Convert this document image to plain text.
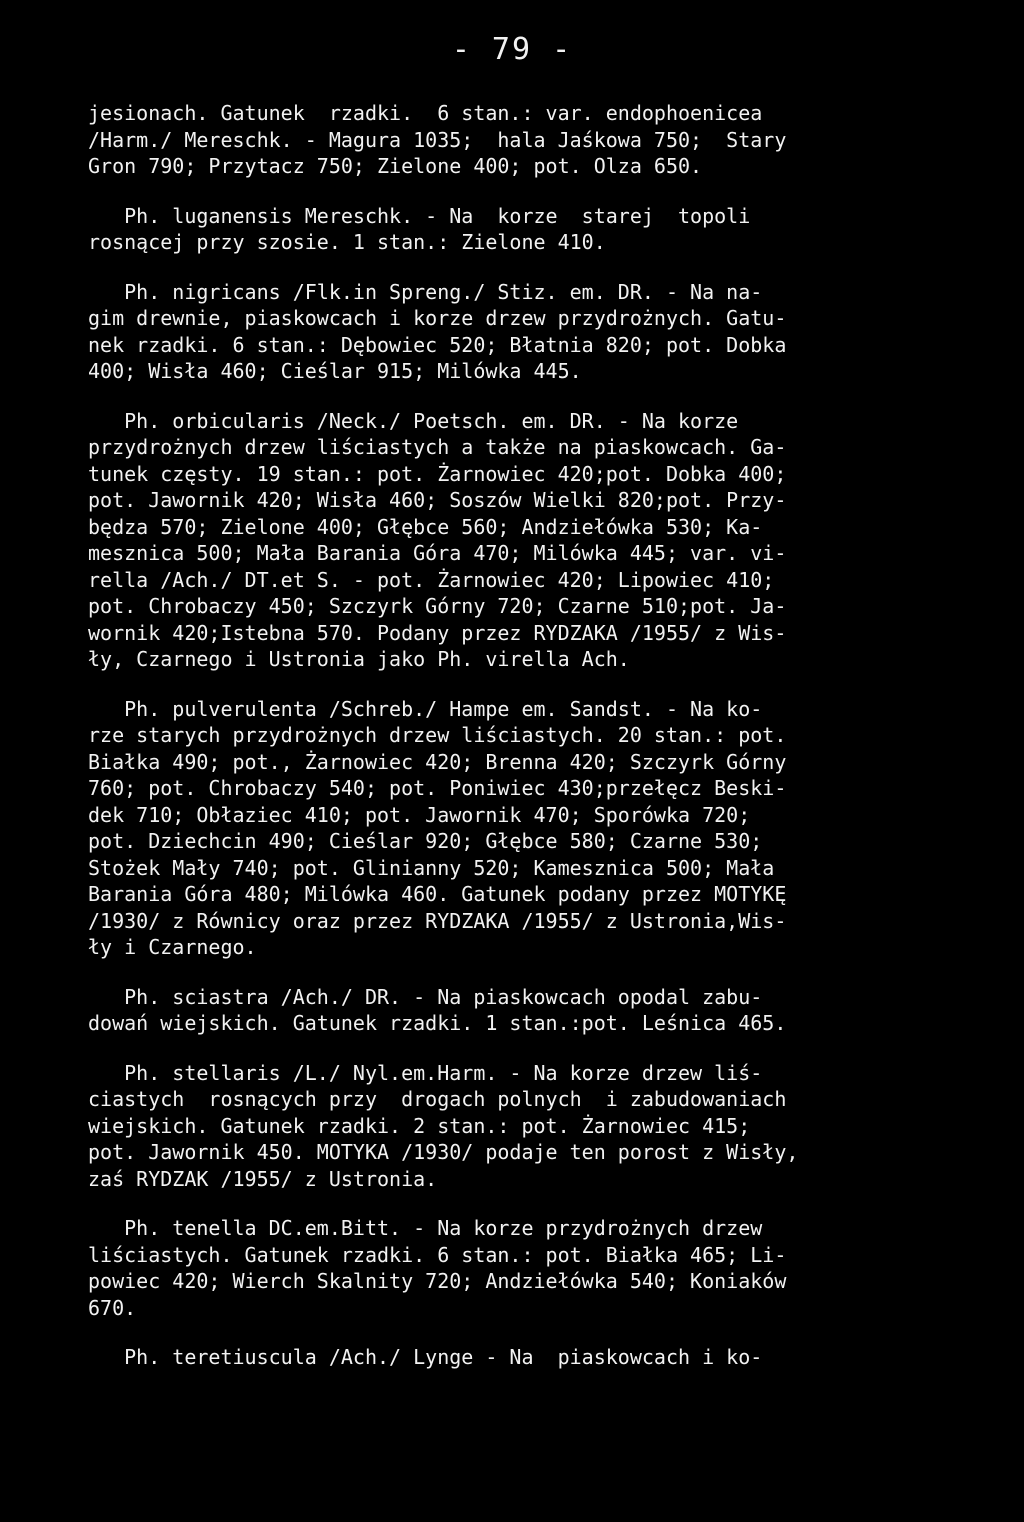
- 79 -
jesionach. Gatunek  rzadki.  6 stan.: var. endophoenicea
/Harm./ Mereschk. - Magura 1035;  hala Jaśkowa 750;  Stary
Gron 790; Przytacz 750; Zielone 400; pot. Olza 650.
Ph. luganensis Mereschk. - Na  korze  starej  topoli
rosnącej przy szosie. 1 stan.: Zielone 410.
Ph. nigricans /Flk.in Spreng./ Stiz. em. DR. - Na na-
gim drewnie, piaskowcach i korze drzew przydrożnych. Gatu-
nek rzadki. 6 stan.: Dębowiec 520; Błatnia 820; pot. Dobka
400; Wisła 460; Cieślar 915; Milówka 445.
Ph. orbicularis /Neck./ Poetsch. em. DR. - Na korze
przydrożnych drzew liściastych a także na piaskowcach. Ga-
tunek częsty. 19 stan.: pot. Żarnowiec 420;pot. Dobka 400;
pot. Jawornik 420; Wisła 460; Soszów Wielki 820;pot. Przy-
będza 570; Zielone 400; Głębce 560; Andziełówka 530; Ka-
mesznica 500; Mała Barania Góra 470; Milówka 445; var. vi-
rella /Ach./ DT.et S. - pot. Żarnowiec 420; Lipowiec 410;
pot. Chrobaczy 450; Szczyrk Górny 720; Czarne 510;pot. Ja-
wornik 420;Istebna 570. Podany przez RYDZAKA /1955/ z Wis-
ły, Czarnego i Ustronia jako Ph. virella Ach.
Ph. pulverulenta /Schreb./ Hampe em. Sandst. - Na ko-
rze starych przydrożnych drzew liściastych. 20 stan.: pot.
Białka 490; pot., Żarnowiec 420; Brenna 420; Szczyrk Górny
760; pot. Chrobaczy 540; pot. Poniwiec 430;przełęcz Beski-
dek 710; Obłaziec 410; pot. Jawornik 470; Sporówka 720;
pot. Dziechcin 490; Cieślar 920; Głębce 580; Czarne 530;
Stożek Mały 740; pot. Glinianny 520; Kamesznica 500; Mała
Barania Góra 480; Milówka 460. Gatunek podany przez MOTYKĘ
/1930/ z Równicy oraz przez RYDZAKA /1955/ z Ustronia,Wis-
ły i Czarnego.
Ph. sciastra /Ach./ DR. - Na piaskowcach opodal zabu-
dowań wiejskich. Gatunek rzadki. 1 stan.:pot. Leśnica 465.
Ph. stellaris /L./ Nyl.em.Harm. - Na korze drzew liś-
ciastych  rosnących przy  drogach polnych  i zabudowaniach
wiejskich. Gatunek rzadki. 2 stan.: pot. Żarnowiec 415;
pot. Jawornik 450. MOTYKA /1930/ podaje ten porost z Wisły,
zaś RYDZAK /1955/ z Ustronia.
Ph. tenella DC.em.Bitt. - Na korze przydrożnych drzew
liściastych. Gatunek rzadki. 6 stan.: pot. Białka 465; Li-
powiec 420; Wierch Skalnity 720; Andziełówka 540; Koniaków
670.
Ph. teretiuscula /Ach./ Lynge - Na  piaskowcach i ko-
